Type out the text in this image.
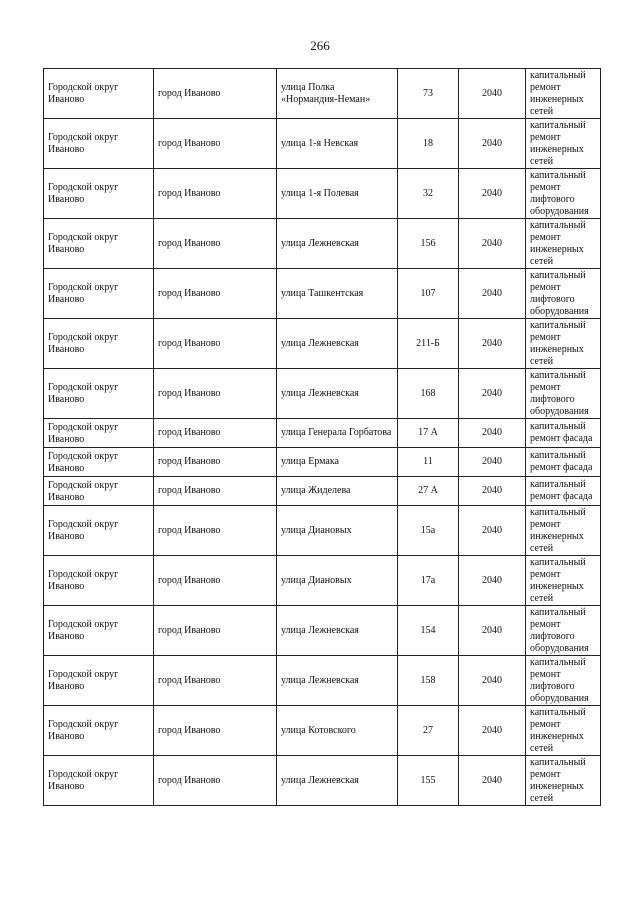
266
Городской округ Иваново	город Иваново	улица Полка «Нормандия-Неман»	73	2040	капитальный ремонт инженерных сетей
Городской округ Иваново	город Иваново	улица 1-я Невская	18	2040	капитальный ремонт инженерных сетей
Городской округ Иваново	город Иваново	улица 1-я Полевая	32	2040	капитальный ремонт лифтового оборудования
Городской округ Иваново	город Иваново	улица Лежневская	156	2040	капитальный ремонт инженерных сетей
Городской округ Иваново	город Иваново	улица Ташкентская	107	2040	капитальный ремонт лифтового оборудования
Городской округ Иваново	город Иваново	улица Лежневская	211-Б	2040	капитальный ремонт инженерных сетей
Городской округ Иваново	город Иваново	улица Лежневская	168	2040	капитальный ремонт лифтового оборудования
Городской округ Иваново	город Иваново	улица Генерала Горбатова	17 А	2040	капитальный ремонт фасада
Городской округ Иваново	город Иваново	улица Ермака	11	2040	капитальный ремонт фасада
Городской округ Иваново	город Иваново	улица Жиделева	27 А	2040	капитальный ремонт фасада
Городской округ Иваново	город Иваново	улица Диановых	15а	2040	капитальный ремонт инженерных сетей
Городской округ Иваново	город Иваново	улица Диановых	17а	2040	капитальный ремонт инженерных сетей
Городской округ Иваново	город Иваново	улица Лежневская	154	2040	капитальный ремонт лифтового оборудования
Городской округ Иваново	город Иваново	улица Лежневская	158	2040	капитальный ремонт лифтового оборудования
Городской округ Иваново	город Иваново	улица Котовского	27	2040	капитальный ремонт инженерных сетей
Городской округ Иваново	город Иваново	улица Лежневская	155	2040	капитальный ремонт инженерных сетей
